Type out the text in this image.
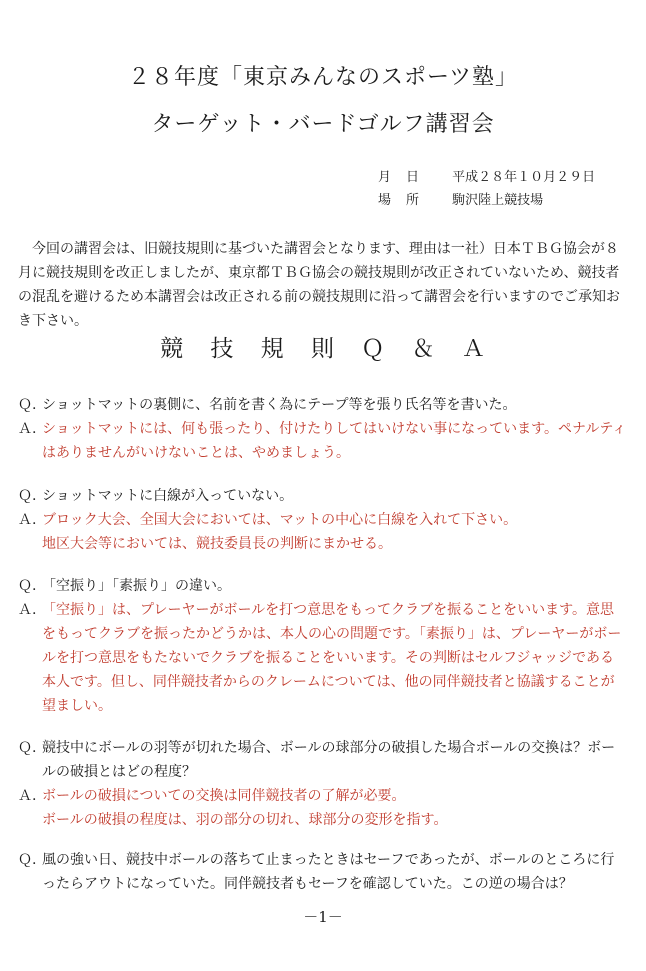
２８年度「東京みんなのスポーツ塾」
ターゲット・バードゴルフ講習会
月　日 平成２８年１０月２９日
場　所 駒沢陸上競技場

今回の講習会は、旧競技規則に基づいた講習会となります、理由は一社）日本ＴＢＧ協会が８月に競技規則を改正しましたが、東京都ＴＢＧ協会の競技規則が改正されていないため、競技者の混乱を避けるため本講習会は改正される前の競技規則に沿って講習会を行いますのでご承知おき下さい。

競 技 規 則 Ｑ ＆ Ａ
Ｑ. ショットマットの裏側に、名前を書く為にテープ等を張り氏名等を書いた。
Ａ. ショットマットには、何も張ったり、付けたりしてはいけない事になっています。ペナルティはありませんがいけないことは、やめましょう。
Ｑ. ショットマットに白線が入っていない。
Ａ. ブロック大会、全国大会においては、マットの中心に白線を入れて下さい。
地区大会等においては、競技委員長の判断にまかせる。
Ｑ. 「空振り」「素振り」の違い。
Ａ. 「空振り」は、プレーヤーがボールを打つ意思をもってクラブを振ることをいいます。意思をもってクラブを振ったかどうかは、本人の心の問題です。「素振り」は、プレーヤーがボールを打つ意思をもたないでクラブを振ることをいいます。その判断はセルフジャッジである本人です。但し、同伴競技者からのクレームについては、他の同伴競技者と協議することが望ましい。
Ｑ. 競技中にボールの羽等が切れた場合、ボールの球部分の破損した場合ボールの交換は？ボールの破損とはどの程度？
Ａ. ボールの破損についての交換は同伴競技者の了解が必要。
ボールの破損の程度は、羽の部分の切れ、球部分の変形を指す。
Ｑ. 風の強い日、競技中ボールの落ちて止まったときはセーフであったが、ボールのところに行ったらアウトになっていた。同伴競技者もセーフを確認していた。この逆の場合は？
－1－
